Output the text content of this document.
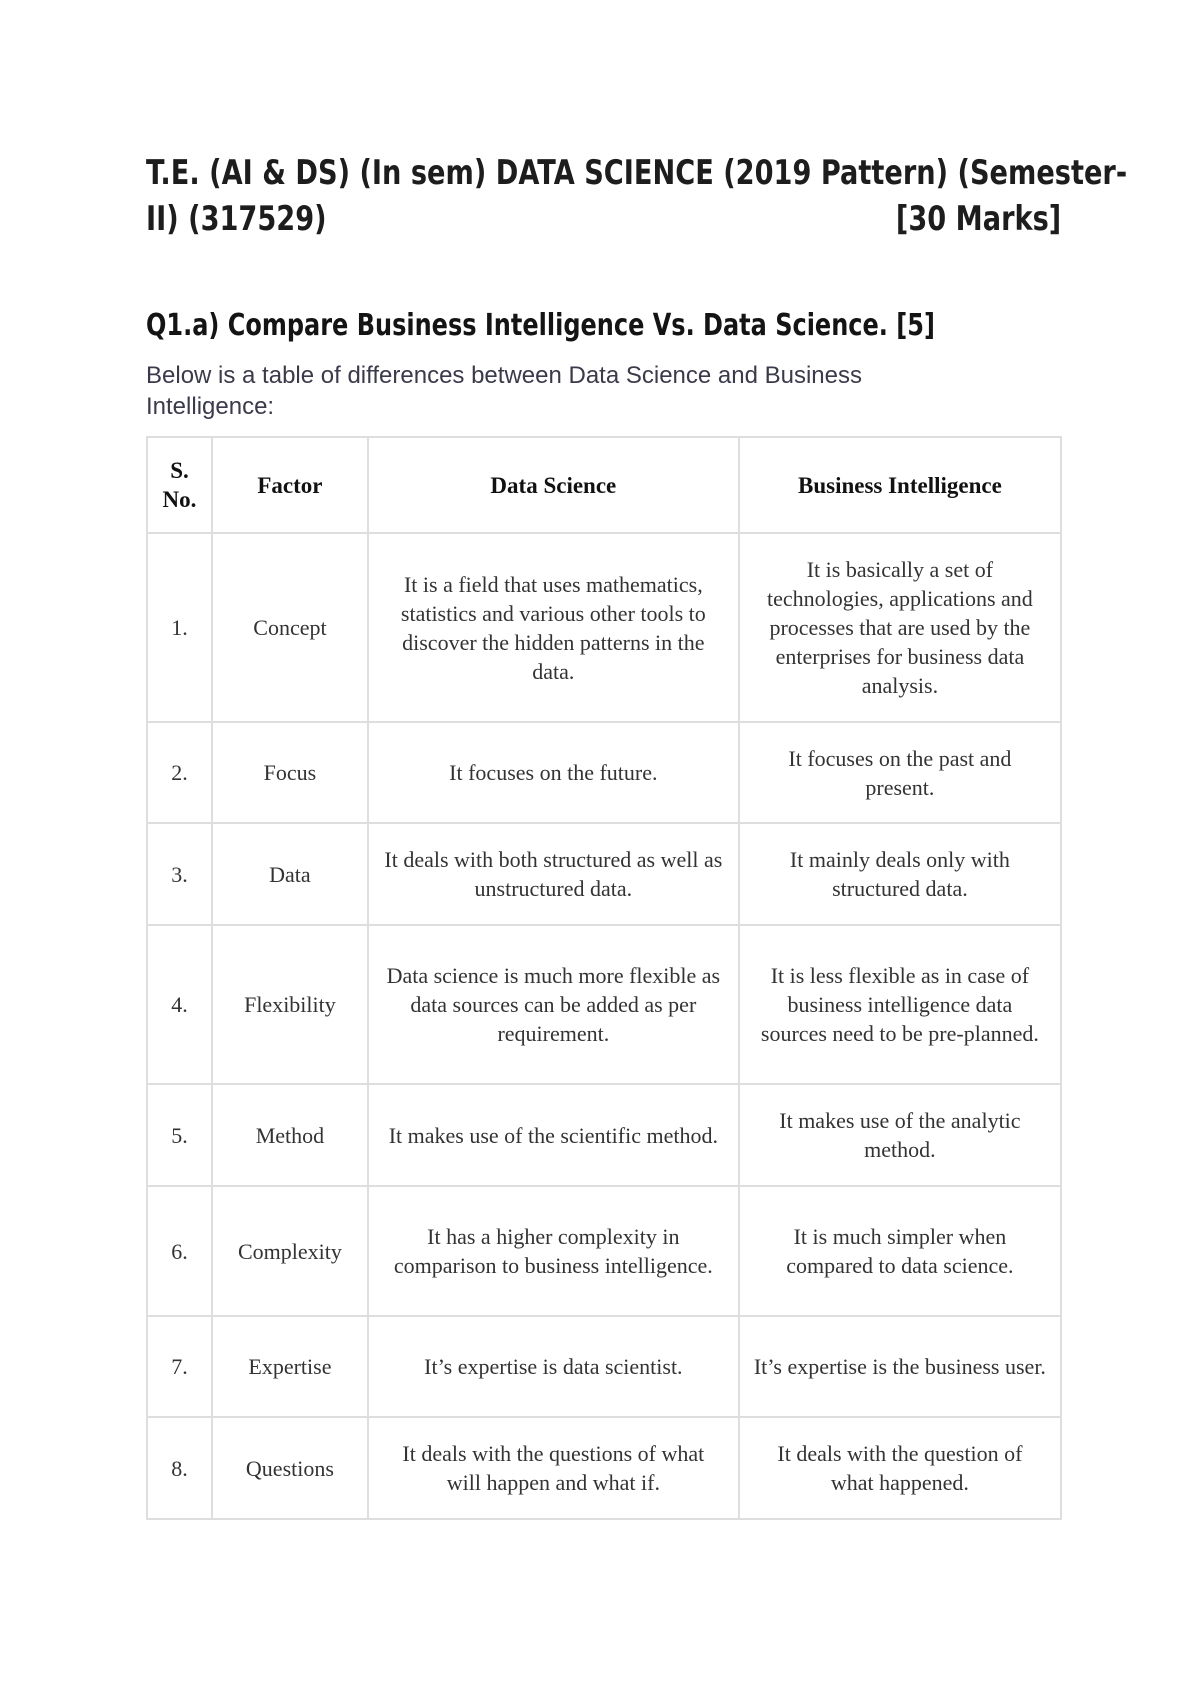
T.E. (AI & DS) (In sem) DATA SCIENCE (2019 Pattern) (Semester-
II) (317529)	[30 Marks]
Q1.a) Compare Business Intelligence Vs. Data Science. [5]
Below is a table of differences between Data Science and Business Intelligence:
S. No.	Factor	Data Science	Business Intelligence
1.	Concept	It is a field that uses mathematics, statistics and various other tools to discover the hidden patterns in the data.	It is basically a set of technologies, applications and processes that are used by the enterprises for business data analysis.
2.	Focus	It focuses on the future.	It focuses on the past and present.
3.	Data	It deals with both structured as well as unstructured data.	It mainly deals only with structured data.
4.	Flexibility	Data science is much more flexible as data sources can be added as per requirement.	It is less flexible as in case of business intelligence data sources need to be pre-planned.
5.	Method	It makes use of the scientific method.	It makes use of the analytic method.
6.	Complexity	It has a higher complexity in comparison to business intelligence.	It is much simpler when compared to data science.
7.	Expertise	It’s expertise is data scientist.	It’s expertise is the business user.
8.	Questions	It deals with the questions of what will happen and what if.	It deals with the question of what happened.
